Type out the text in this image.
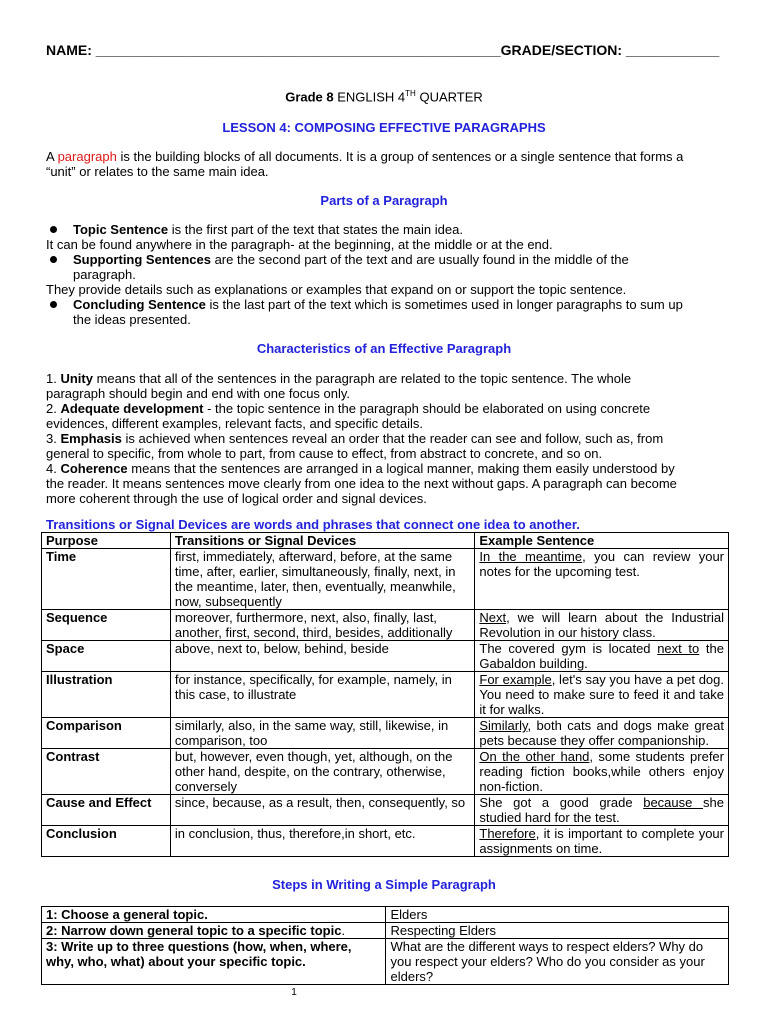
NAME: ____________________________________________________GRADE/SECTION: ____________
Grade 8 ENGLISH 4TH QUARTER
LESSON 4: COMPOSING EFFECTIVE PARAGRAPHS

A paragraph is the building blocks of all documents. It is a group of sentences or a single sentence that forms a

“unit” or relates to the same main idea.

Parts of a Paragraph
Topic Sentence is the first part of the text that states the main idea.
It can be found anywhere in the paragraph- at the beginning, at the middle or at the end.

Supporting Sentences are the second part of the text and are usually found in the middle of the

paragraph.

They provide details such as explanations or examples that expand on or support the topic sentence.

Concluding Sentence is the last part of the text which is sometimes used in longer paragraphs to sum up

the ideas presented.

Characteristics of an Effective Paragraph

1. Unity means that all of the sentences in the paragraph are related to the topic sentence. The whole

paragraph should begin and end with one focus only.

2. Adequate development - the topic sentence in the paragraph should be elaborated on using concrete

evidences, different examples, relevant facts, and specific details.

3. Emphasis is achieved when sentences reveal an order that the reader can see and follow, such as, from

general to specific, from whole to part, from cause to effect, from abstract to concrete, and so on.

4. Coherence means that the sentences are arranged in a logical manner, making them easily understood by

the reader. It means sentences move clearly from one idea to the next without gaps. A paragraph can become

more coherent through the use of logical order and signal devices.

Transitions or Signal Devices are words and phrases that connect one idea to another.
Purpose	Transitions or Signal Devices	Example Sentence
Time	first, immediately, afterward, before, at the same time, after, earlier, simultaneously, finally, next, in the meantime, later, then, eventually, meanwhile, now, subsequently	In the meantime, you can review your notes for the upcoming test.
Sequence	moreover, furthermore, next, also, finally, last, another, first, second, third, besides, additionally	Next, we will learn about the Industrial Revolution in our history class.
Space	above, next to, below, behind, beside	The covered gym is located next to the Gabaldon building.
Illustration	for instance, specifically, for example, namely, in this case, to illustrate	For example, let's say you have a pet dog. You need to make sure to feed it and take it for walks.
Comparison	similarly, also, in the same way, still, likewise, in comparison, too	Similarly, both cats and dogs make great pets because they offer companionship.
Contrast	but, however, even though, yet, although, on the other hand, despite, on the contrary, otherwise, conversely	On the other hand, some students prefer reading fiction books,while others enjoy non-fiction.
Cause and Effect	since, because, as a result, then, consequently, so	She got a good grade because she studied hard for the test.
Conclusion	in conclusion, thus, therefore,in short, etc.	Therefore, it is important to complete your assignments on time.
Steps in Writing a Simple Paragraph
1: Choose a general topic.	Elders
2: Narrow down general topic to a specific topic.	Respecting Elders
3: Write up to three questions (how, when, where, why, who, what) about your specific topic.	What are the different ways to respect elders? Why do you respect your elders? Who do you consider as your elders?
1
